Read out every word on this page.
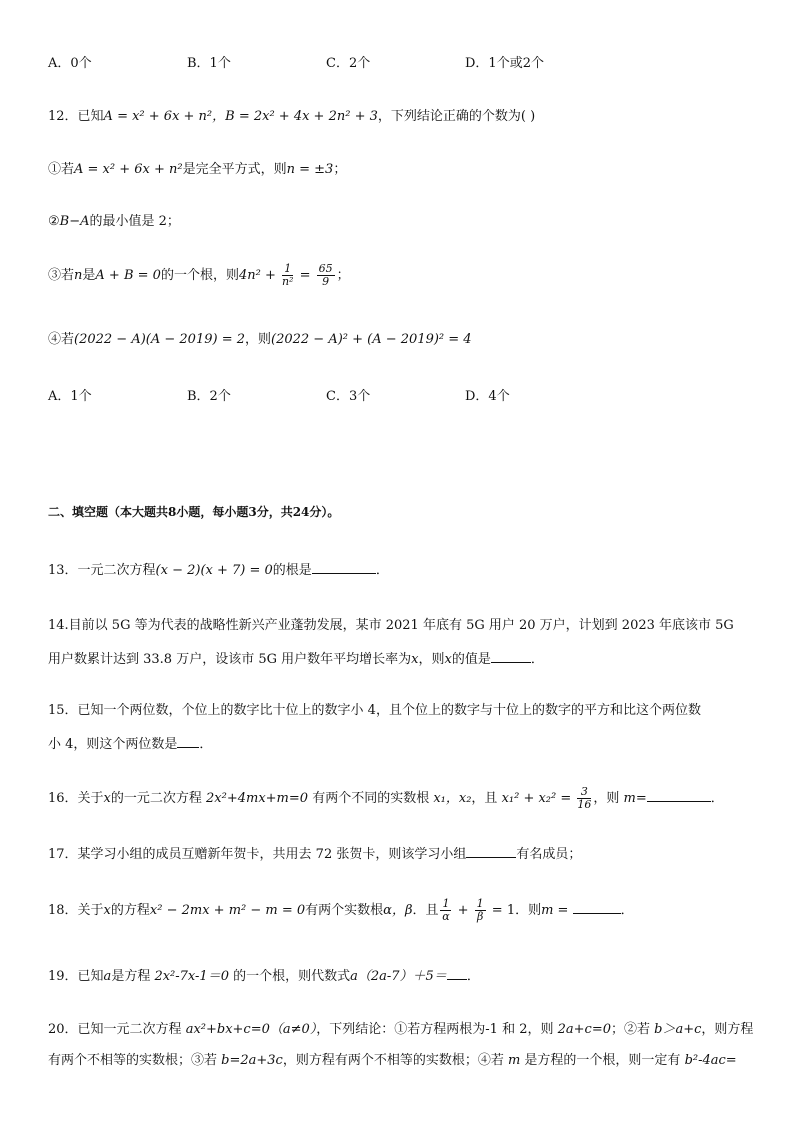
A．0个	B．1个	C．2个	D．1个或2个
12．已知A = x² + 6x + n²，B = 2x² + 4x + 2n² + 3，下列结论正确的个数为( )
①若A = x² + 6x + n²是完全平方式，则n = ±3；
②B−A的最小值是 2；
③若n是A + B = 0的一个根，则$4n^2 + \frac{1}{\text{n²}} = \frac{65}{9}$ ；
④若(2022 − A)(A − 2019) = 2，则(2022 − A)² + (A − 2019)² = 4
A．1个	B．2个	C．3个	D．4个
二、填空题（本大题共8小题，每小题3分，共24分）。
13．一元二次方程(x − 2)(x + 7) = 0的根是	．
14.目前以 5G 等为代表的战略性新兴产业蓬勃发展，某市 2021 年底有 5G 用户 20 万户，计划到 2023 年底该市 5G
用户数累计达到 33.8 万户，设该市 5G 用户数年平均增长率为x，则x的值是	．
15．已知一个两位数，个位上的数字比十位上的数字小 4，且个位上的数字与十位上的数字的平方和比这个两位数
小 4，则这个两位数是 ．
16．关于x的一元二次方程 2x²+4mx+m=0 有两个不同的实数根 x₁，x₂，且 $x_1^2 + x_2^2 = \frac{3}{16}$ ，则 m=	．
17．某学习小组的成员互赠新年贺卡，共用去 72 张贺卡，则该学习小组	有名成员；
18．关于x的方程x² − 2mx + m² − m = 0有两个实数根α，β．且 $\frac{1}{\alpha} + \frac{1}{\beta} = 1$．则m =	．
19．已知a是方程 2x²-7x-1＝0 的一个根，则代数式a（2a-7）＋5＝ ．
20．已知一元二次方程 ax²+bx+c=0（a≠0），下列结论：①若方程两根为-1 和 2，则 2a+c=0；②若 b＞a+c，则方程
有两个不相等的实数根；③若 b=2a+3c，则方程有两个不相等的实数根；④若 m 是方程的一个根，则一定有 b²-4ac=
